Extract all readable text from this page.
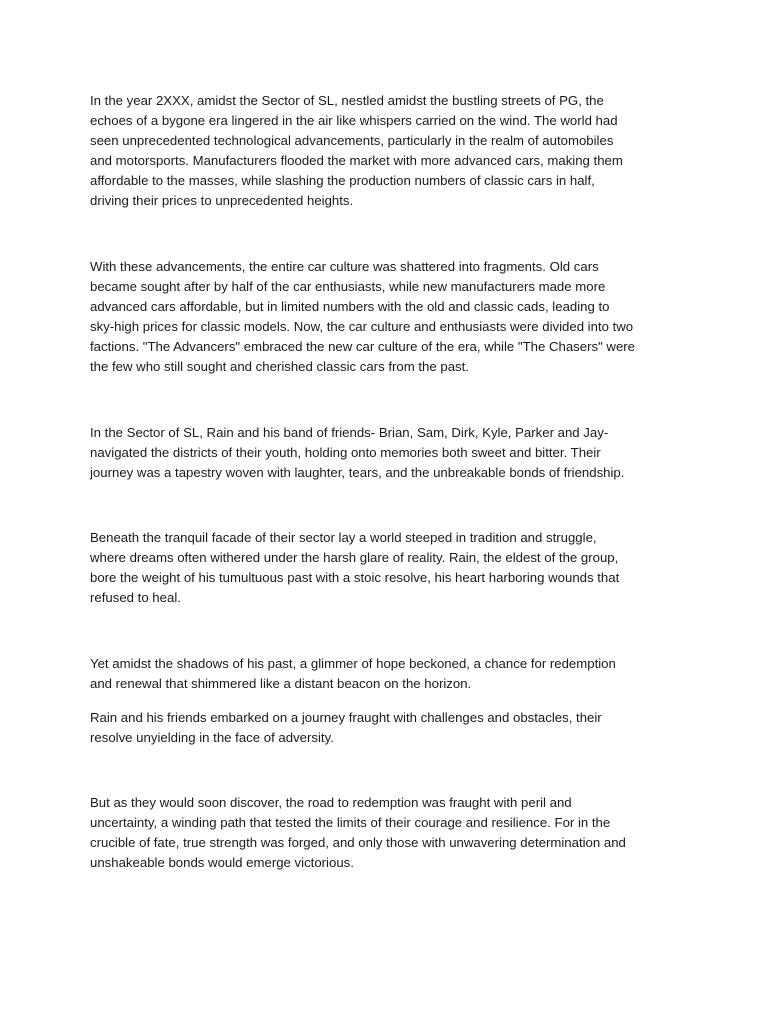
In the year 2XXX, amidst the Sector of SL, nestled amidst the bustling streets of PG, the
echoes of a bygone era lingered in the air like whispers carried on the wind. The world had
seen unprecedented technological advancements, particularly in the realm of automobiles
and motorsports. Manufacturers flooded the market with more advanced cars, making them
affordable to the masses, while slashing the production numbers of classic cars in half,
driving their prices to unprecedented heights.

With these advancements, the entire car culture was shattered into fragments. Old cars
became sought after by half of the car enthusiasts, while new manufacturers made more
advanced cars affordable, but in limited numbers with the old and classic cads, leading to
sky-high prices for classic models. Now, the car culture and enthusiasts were divided into two
factions. "The Advancers" embraced the new car culture of the era, while "The Chasers" were
the few who still sought and cherished classic cars from the past.

In the Sector of SL, Rain and his band of friends- Brian, Sam, Dirk, Kyle, Parker and Jay-
navigated the districts of their youth, holding onto memories both sweet and bitter. Their
journey was a tapestry woven with laughter, tears, and the unbreakable bonds of friendship.

Beneath the tranquil facade of their sector lay a world steeped in tradition and struggle,
where dreams often withered under the harsh glare of reality. Rain, the eldest of the group,
bore the weight of his tumultuous past with a stoic resolve, his heart harboring wounds that
refused to heal.

Yet amidst the shadows of his past, a glimmer of hope beckoned, a chance for redemption
and renewal that shimmered like a distant beacon on the horizon.

Rain and his friends embarked on a journey fraught with challenges and obstacles, their
resolve unyielding in the face of adversity.

But as they would soon discover, the road to redemption was fraught with peril and
uncertainty, a winding path that tested the limits of their courage and resilience. For in the
crucible of fate, true strength was forged, and only those with unwavering determination and
unshakeable bonds would emerge victorious.
